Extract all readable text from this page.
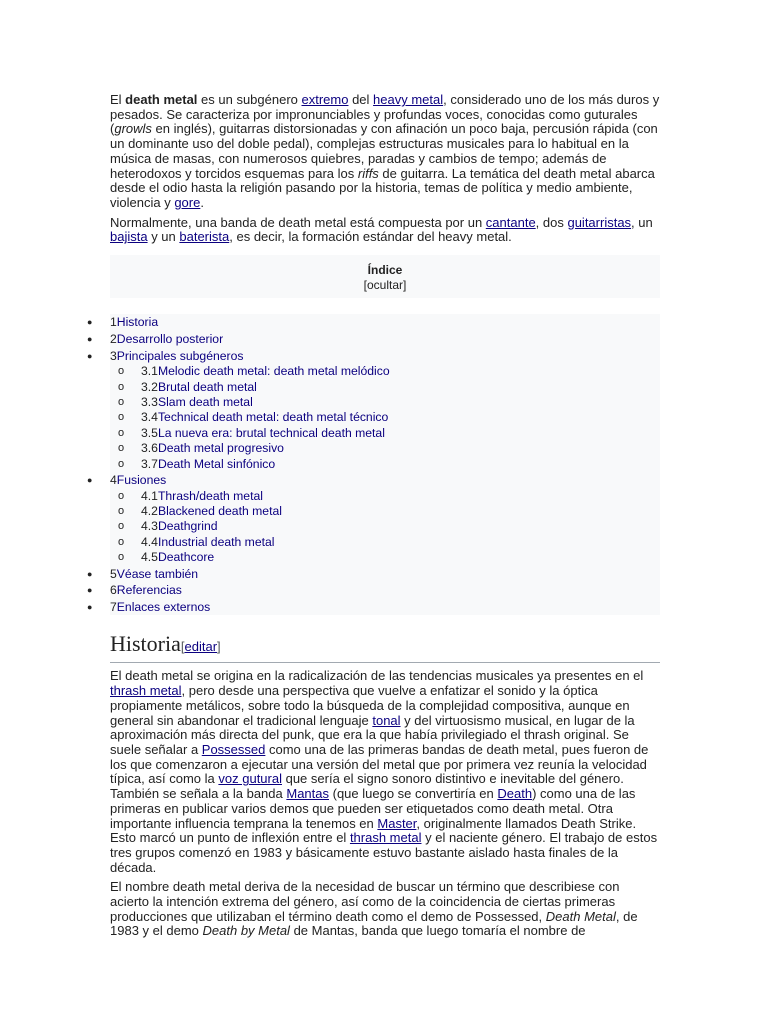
El death metal es un subgénero extremo del heavy metal, considerado uno de los más duros y pesados. Se caracteriza por impronunciables y profundas voces, conocidas como guturales (growls en inglés), guitarras distorsionadas y con afinación un poco baja, percusión rápida (con un dominante uso del doble pedal), complejas estructuras musicales para lo habitual en la música de masas, con numerosos quiebres, paradas y cambios de tempo; además de heterodoxos y torcidos esquemas para los riffs de guitarra. La temática del death metal abarca desde el odio hasta la religión pasando por la historia, temas de política y medio ambiente, violencia y gore.

Normalmente, una banda de death metal está compuesta por un cantante, dos guitarristas, un bajista y un baterista, es decir, la formación estándar del heavy metal.

Índice
[ocultar]
● 1Historia
● 2Desarrollo posterior
● 3Principales subgéneros
o 3.1Melodic death metal: death metal melódico
o 3.2Brutal death metal
o 3.3Slam death metal
o 3.4Technical death metal: death metal técnico
o 3.5La nueva era: brutal technical death metal
o 3.6Death metal progresivo
o 3.7Death Metal sinfónico
● 4Fusiones
o 4.1Thrash/death metal
o 4.2Blackened death metal
o 4.3Deathgrind
o 4.4Industrial death metal
o 4.5Deathcore
● 5Véase también
● 6Referencias
● 7Enlaces externos
Historia[editar]

El death metal se origina en la radicalización de las tendencias musicales ya presentes en el thrash metal, pero desde una perspectiva que vuelve a enfatizar el sonido y la óptica propiamente metálicos, sobre todo la búsqueda de la complejidad compositiva, aunque en general sin abandonar el tradicional lenguaje tonal y del virtuosismo musical, en lugar de la aproximación más directa del punk, que era la que había privilegiado el thrash original. Se suele señalar a Possessed como una de las primeras bandas de death metal, pues fueron de los que comenzaron a ejecutar una versión del metal que por primera vez reunía la velocidad típica, así como la voz gutural que sería el signo sonoro distintivo e inevitable del género. También se señala a la banda Mantas (que luego se convertiría en Death) como una de las primeras en publicar varios demos que pueden ser etiquetados como death metal. Otra importante influencia temprana la tenemos en Master, originalmente llamados Death Strike. Esto marcó un punto de inflexión entre el thrash metal y el naciente género. El trabajo de estos tres grupos comenzó en 1983 y básicamente estuvo bastante aislado hasta finales de la década.

El nombre death metal deriva de la necesidad de buscar un término que describiese con acierto la intención extrema del género, así como de la coincidencia de ciertas primeras producciones que utilizaban el término death como el demo de Possessed, Death Metal, de 1983 y el demo Death by Metal de Mantas, banda que luego tomaría el nombre de
